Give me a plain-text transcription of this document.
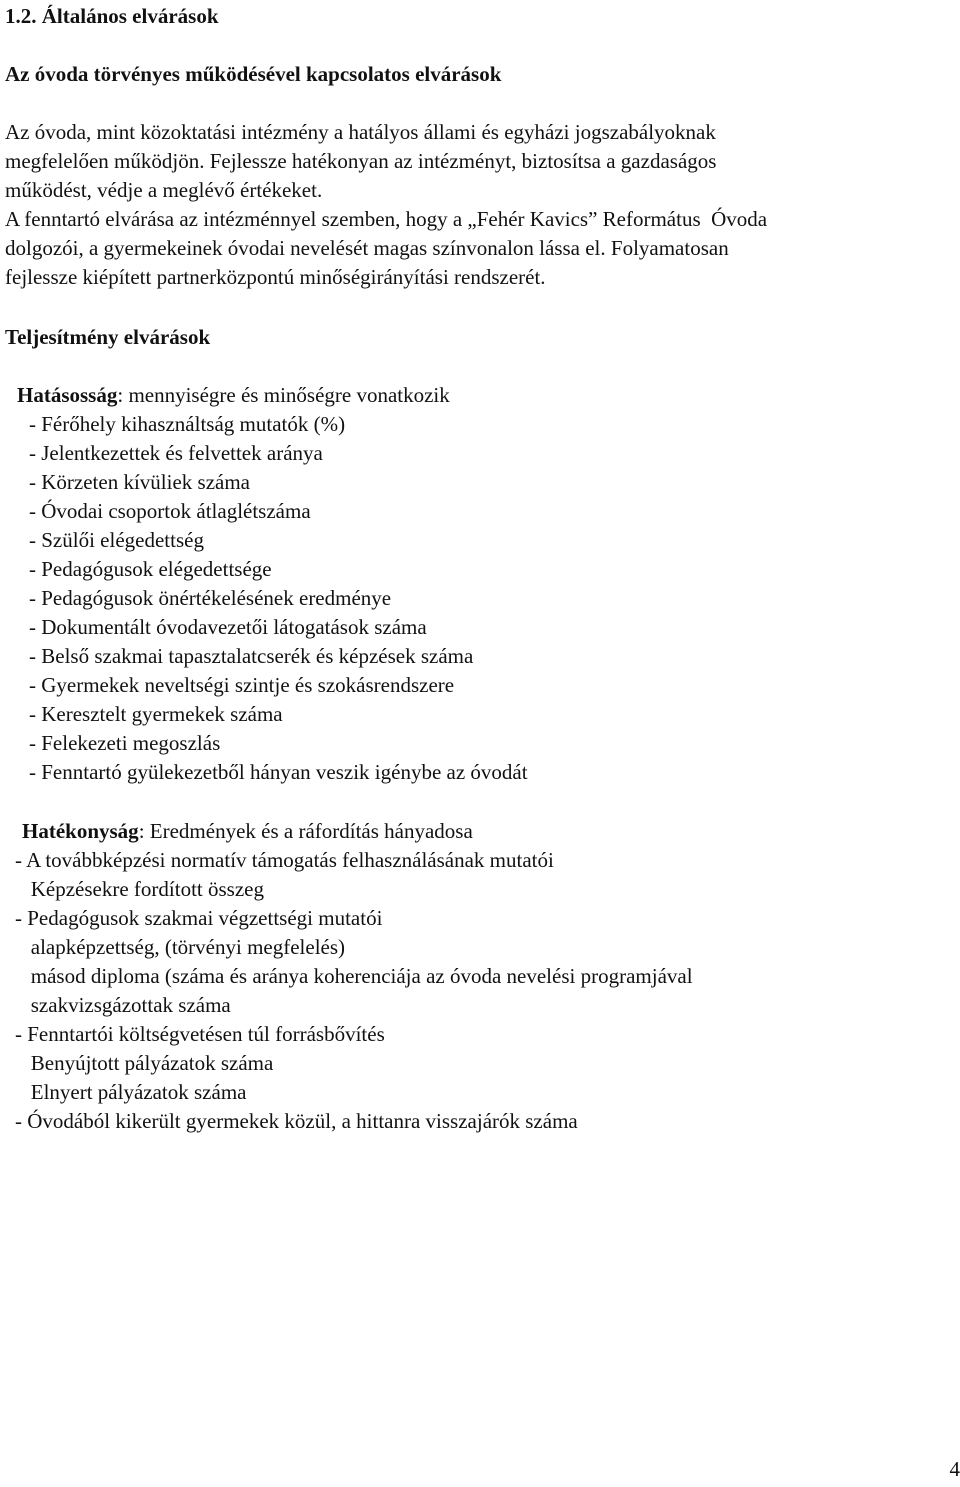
1.2. Általános elvárások
Az óvoda törvényes működésével kapcsolatos elvárások
Az óvoda, mint közoktatási intézmény a hatályos állami és egyházi jogszabályoknak
megfelelően működjön. Fejlessze hatékonyan az intézményt, biztosítsa a gazdaságos
működést, védje a meglévő értékeket.
A fenntartó elvárása az intézménnyel szemben, hogy a „Fehér Kavics” Református  Óvoda
dolgozói, a gyermekeinek óvodai nevelését magas színvonalon lássa el. Folyamatosan
fejlessze kiépített partnerközpontú minőségirányítási rendszerét.
Teljesítmény elvárások
Hatásosság: mennyiségre és minőségre vonatkozik
- Férőhely kihasználtság mutatók (%)
- Jelentkezettek és felvettek aránya
- Körzeten kívüliek száma
- Óvodai csoportok átlaglétszáma
- Szülői elégedettség
- Pedagógusok elégedettsége
- Pedagógusok önértékelésének eredménye
- Dokumentált óvodavezetői látogatások száma
- Belső szakmai tapasztalatcserék és képzések száma
- Gyermekek neveltségi szintje és szokásrendszere
- Keresztelt gyermekek száma
- Felekezeti megoszlás
- Fenntartó gyülekezetből hányan veszik igénybe az óvodát
Hatékonyság: Eredmények és a ráfordítás hányadosa
- A továbbképzési normatív támogatás felhasználásának mutatói
Képzésekre fordított összeg
- Pedagógusok szakmai végzettségi mutatói
alapképzettség, (törvényi megfelelés)
másod diploma (száma és aránya koherenciája az óvoda nevelési programjával
szakvizsgázottak száma
- Fenntartói költségvetésen túl forrásbővítés
Benyújtott pályázatok száma
Elnyert pályázatok száma
- Óvodából kikerült gyermekek közül, a hittanra visszajárók száma
4
